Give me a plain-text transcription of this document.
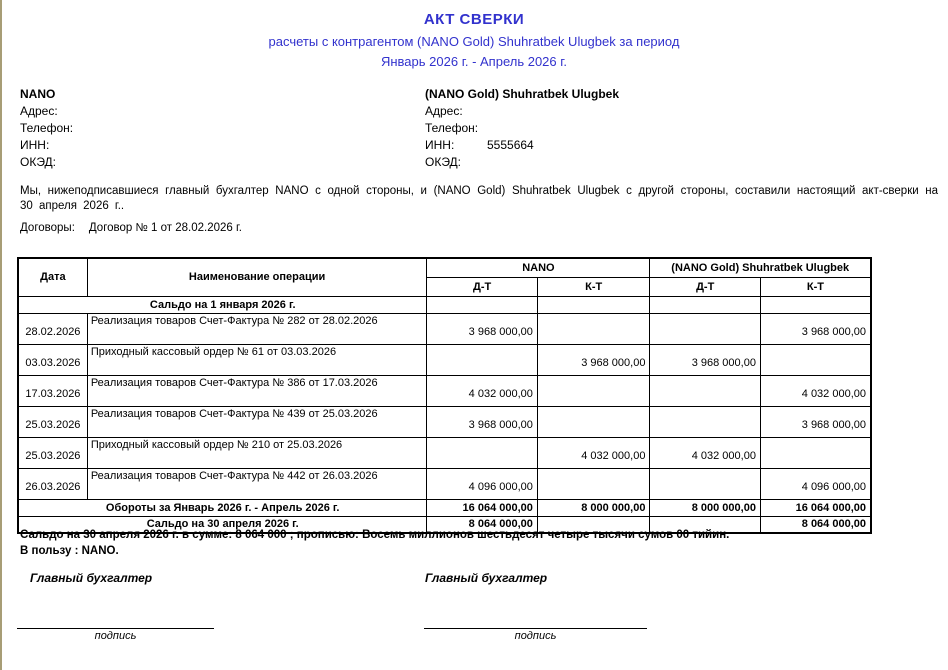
АКТ СВЕРКИ
расчеты с контрагентом (NANO Gold) Shuhratbek Ulugbek за период
Январь 2026 г. - Апрель 2026 г.
NANO
Адрес:
Телефон:
ИНН:
ОКЭД:
(NANO Gold) Shuhratbek Ulugbek
Адрес:
Телефон:
ИНН:	5555664
ОКЭД:
Мы, нижеподписавшиеся главный бухгалтер NANO с одной стороны, и (NANO Gold) Shuhratbek Ulugbek с другой стороны, составили настоящий акт-сверки на 30 апреля 2026 г..
Договоры: Договор № 1 от 28.02.2026 г.
Дата	Наименование операции	NANO		(NANO Gold) Shuhratbek Ulugbek	
		Д-Т	К-Т	Д-Т	К-Т
Сальдо на 1 января 2026 г.					
28.02.2026	Реализация товаров Счет-Фактура № 282 от 28.02.2026	3 968 000,00			3 968 000,00
03.03.2026	Приходный кассовый ордер № 61 от 03.03.2026		3 968 000,00	3 968 000,00	
17.03.2026	Реализация товаров Счет-Фактура № 386 от 17.03.2026	4 032 000,00			4 032 000,00
25.03.2026	Реализация товаров Счет-Фактура № 439 от 25.03.2026	3 968 000,00			3 968 000,00
25.03.2026	Приходный кассовый ордер № 210 от 25.03.2026		4 032 000,00	4 032 000,00	
26.03.2026	Реализация товаров Счет-Фактура № 442 от 26.03.2026	4 096 000,00			4 096 000,00
Обороты за Январь 2026 г. - Апрель 2026 г.		16 064 000,00	8 000 000,00	8 000 000,00	16 064 000,00
Сальдо на 30 апреля 2026 г.		8 064 000,00			8 064 000,00
Сальдо на 30 апреля 2026 г. в сумме: 8 064 000 ; прописью: Восемь миллионов шестьдесят четыре тысячи сумов 00 тийин.
В пользу : NANO.
Главный бухгалтер	Главный бухгалтер
подпись	подпись
